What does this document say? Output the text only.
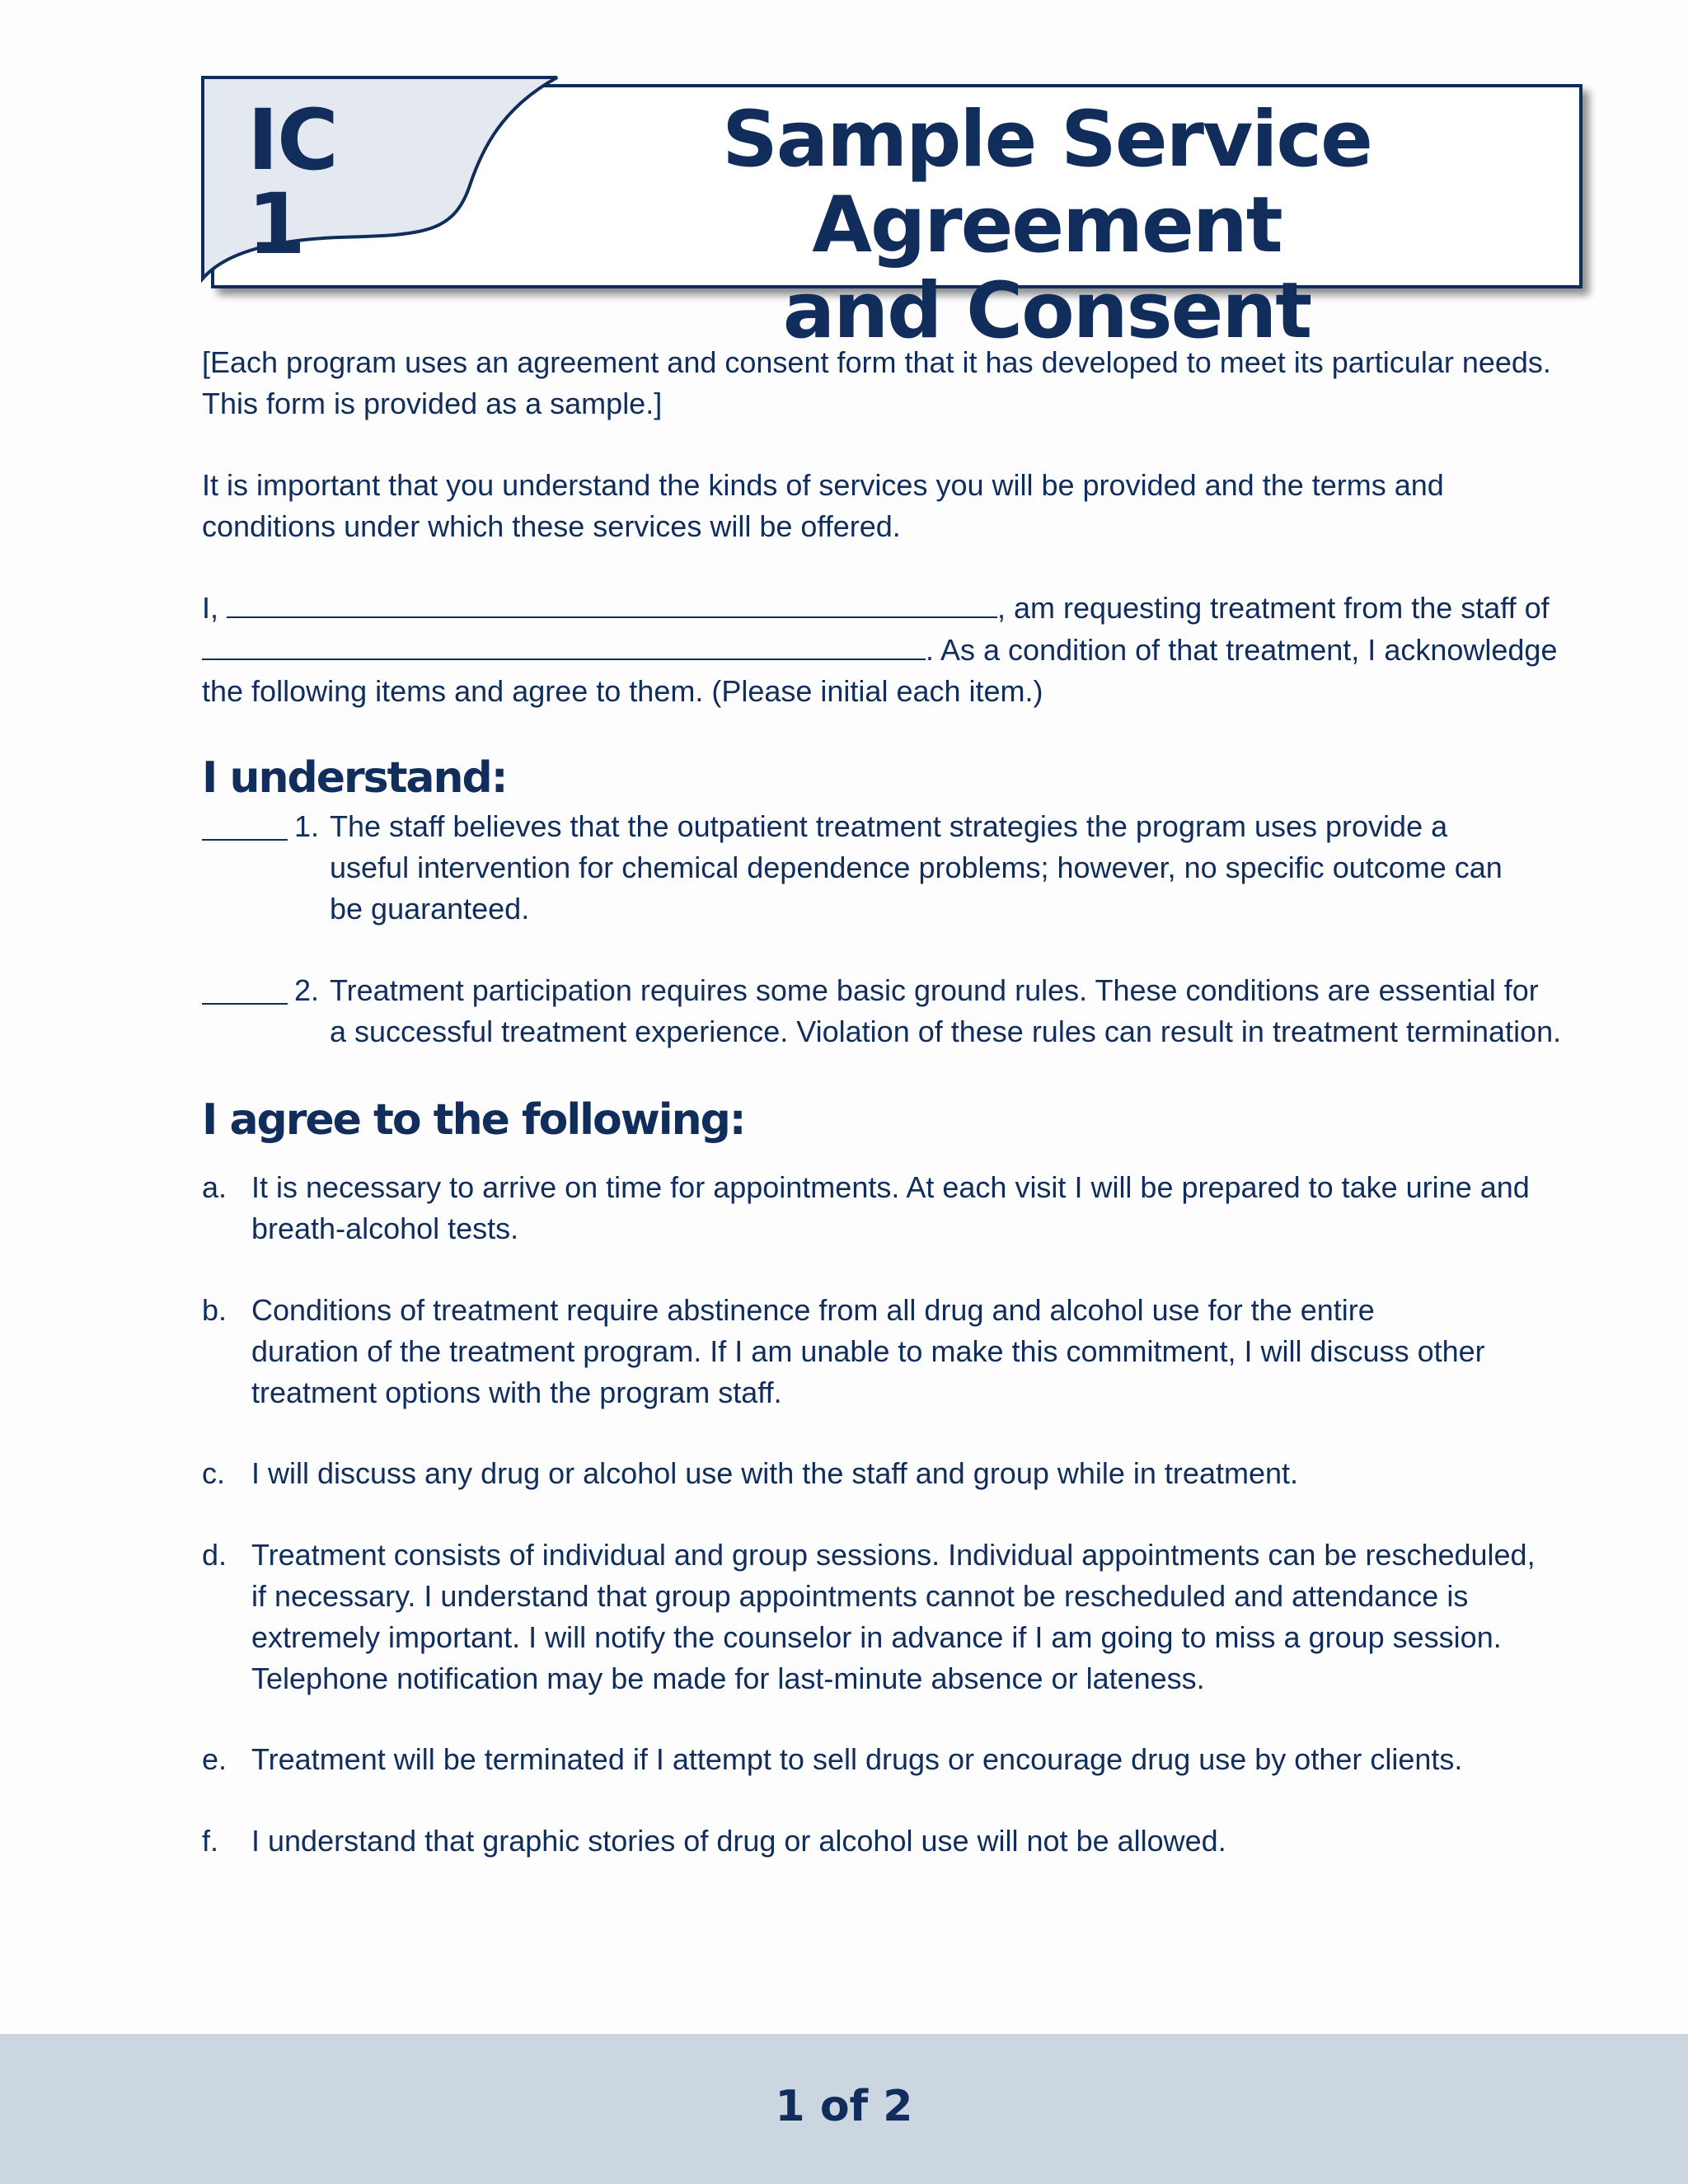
IC 1
Sample Service Agreement
and Consent
[Each program uses an agreement and consent form that it has developed to meet its particular needs.
This form is provided as a sample.]
It is important that you understand the kinds of services you will be provided and the terms and
conditions under which these services will be offered.
I,	, am requesting treatment from the staff of
. As a condition of that treatment, I acknowledge
the following items and agree to them. (Please initial each item.)
I understand:
1. The staff believes that the outpatient treatment strategies the program uses provide a
useful intervention for chemical dependence problems; however, no specific outcome can
be guaranteed.
2. Treatment participation requires some basic ground rules. These conditions are essential for
a successful treatment experience. Violation of these rules can result in treatment termination.
I agree to the following:
a. It is necessary to arrive on time for appointments. At each visit I will be prepared to take urine and
breath-alcohol tests.
b. Conditions of treatment require abstinence from all drug and alcohol use for the entire
duration of the treatment program. If I am unable to make this commitment, I will discuss other
treatment options with the program staff.
c. I will discuss any drug or alcohol use with the staff and group while in treatment.
d. Treatment consists of individual and group sessions. Individual appointments can be rescheduled,
if necessary. I understand that group appointments cannot be rescheduled and attendance is
extremely important. I will notify the counselor in advance if I am going to miss a group session.
Telephone notification may be made for last-minute absence or lateness.
e. Treatment will be terminated if I attempt to sell drugs or encourage drug use by other clients.
f. I understand that graphic stories of drug or alcohol use will not be allowed.
1 of 2
